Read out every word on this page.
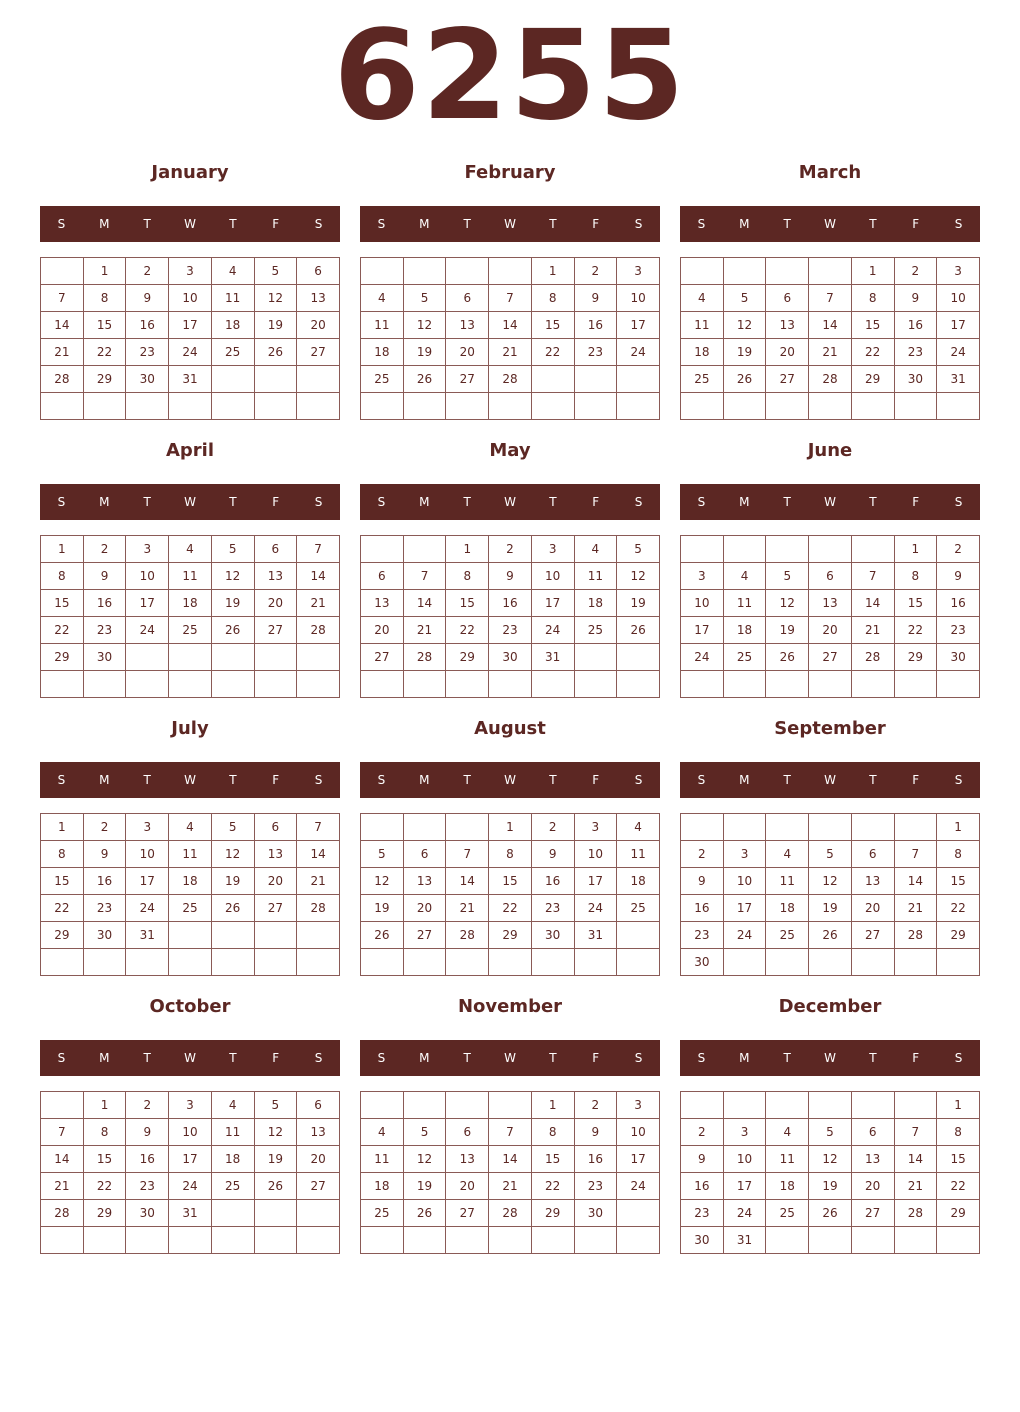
6255
January
S	M	T	W	T	F	S
	1	2	3	4	5	6
7	8	9	10	11	12	13
14	15	16	17	18	19	20
21	22	23	24	25	26	27
28	29	30	31			

February
S	M	T	W	T	F	S
				1	2	3
4	5	6	7	8	9	10
11	12	13	14	15	16	17
18	19	20	21	22	23	24
25	26	27	28			

March
S	M	T	W	T	F	S
				1	2	3
4	5	6	7	8	9	10
11	12	13	14	15	16	17
18	19	20	21	22	23	24
25	26	27	28	29	30	31

April
S	M	T	W	T	F	S
1	2	3	4	5	6	7
8	9	10	11	12	13	14
15	16	17	18	19	20	21
22	23	24	25	26	27	28
29	30					

May
S	M	T	W	T	F	S
		1	2	3	4	5
6	7	8	9	10	11	12
13	14	15	16	17	18	19
20	21	22	23	24	25	26
27	28	29	30	31		

June
S	M	T	W	T	F	S
					1	2
3	4	5	6	7	8	9
10	11	12	13	14	15	16
17	18	19	20	21	22	23
24	25	26	27	28	29	30

July
S	M	T	W	T	F	S
1	2	3	4	5	6	7
8	9	10	11	12	13	14
15	16	17	18	19	20	21
22	23	24	25	26	27	28
29	30	31				

August
S	M	T	W	T	F	S
			1	2	3	4
5	6	7	8	9	10	11
12	13	14	15	16	17	18
19	20	21	22	23	24	25
26	27	28	29	30	31	

September
S	M	T	W	T	F	S
						1
2	3	4	5	6	7	8
9	10	11	12	13	14	15
16	17	18	19	20	21	22
23	24	25	26	27	28	29
30						
October
S	M	T	W	T	F	S
	1	2	3	4	5	6
7	8	9	10	11	12	13
14	15	16	17	18	19	20
21	22	23	24	25	26	27
28	29	30	31			

November
S	M	T	W	T	F	S
				1	2	3
4	5	6	7	8	9	10
11	12	13	14	15	16	17
18	19	20	21	22	23	24
25	26	27	28	29	30	

December
S	M	T	W	T	F	S
						1
2	3	4	5	6	7	8
9	10	11	12	13	14	15
16	17	18	19	20	21	22
23	24	25	26	27	28	29
30	31					
